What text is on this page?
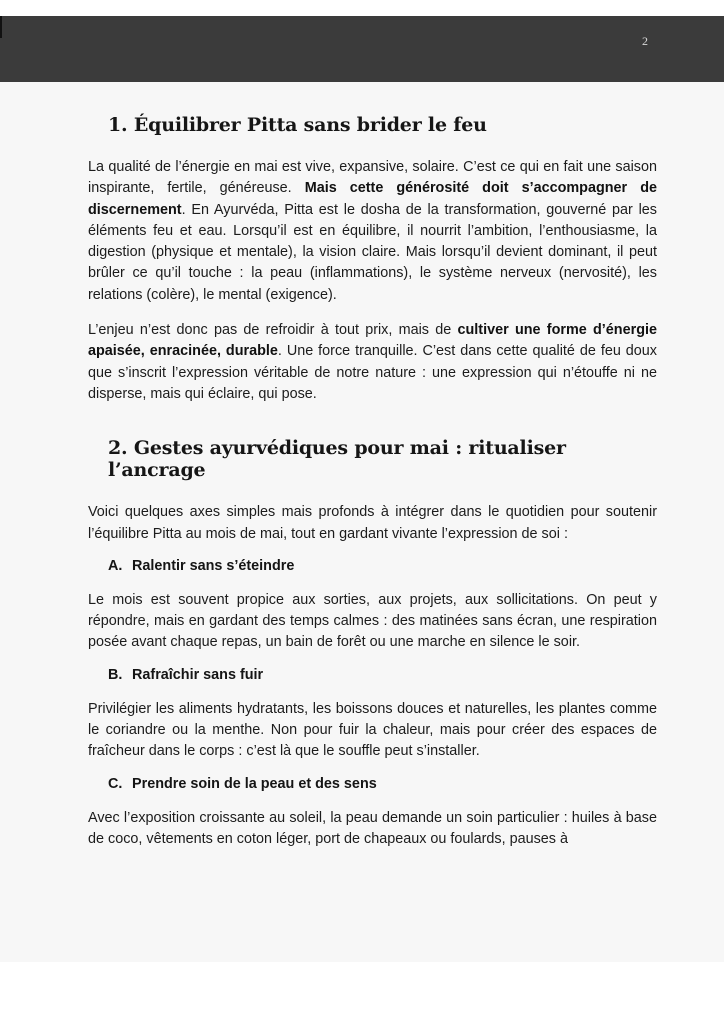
2
1. Équilibrer Pitta sans brider le feu

La qualité de l’énergie en mai est vive, expansive, solaire. C’est ce qui en fait une saison inspirante, fertile, généreuse. Mais cette générosité doit s’accompagner de discernement. En Ayurvéda, Pitta est le dosha de la transformation, gouverné par les éléments feu et eau. Lorsqu’il est en équilibre, il nourrit l’ambition, l’enthousiasme, la digestion (physique et mentale), la vision claire. Mais lorsqu’il devient dominant, il peut brûler ce qu’il touche : la peau (inflammations), le système nerveux (nervosité), les relations (colère), le mental (exigence).

L’enjeu n’est donc pas de refroidir à tout prix, mais de cultiver une forme d’énergie apaisée, enracinée, durable. Une force tranquille. C’est dans cette qualité de feu doux que s’inscrit l’expression véritable de notre nature : une expression qui n’étouffe ni ne disperse, mais qui éclaire, qui pose.

2. Gestes ayurvédiques pour mai : ritualiser l’ancrage

Voici quelques axes simples mais profonds à intégrer dans le quotidien pour soutenir l’équilibre Pitta au mois de mai, tout en gardant vivante l’expression de soi :

A. Ralentir sans s’éteindre

Le mois est souvent propice aux sorties, aux projets, aux sollicitations. On peut y répondre, mais en gardant des temps calmes : des matinées sans écran, une respiration posée avant chaque repas, un bain de forêt ou une marche en silence le soir.

B. Rafraîchir sans fuir

Privilégier les aliments hydratants, les boissons douces et naturelles, les plantes comme le coriandre ou la menthe. Non pour fuir la chaleur, mais pour créer des espaces de fraîcheur dans le corps : c’est là que le souffle peut s’installer.

C. Prendre soin de la peau et des sens

Avec l’exposition croissante au soleil, la peau demande un soin particulier : huiles à base de coco, vêtements en coton léger, port de chapeaux ou foulards, pauses à
